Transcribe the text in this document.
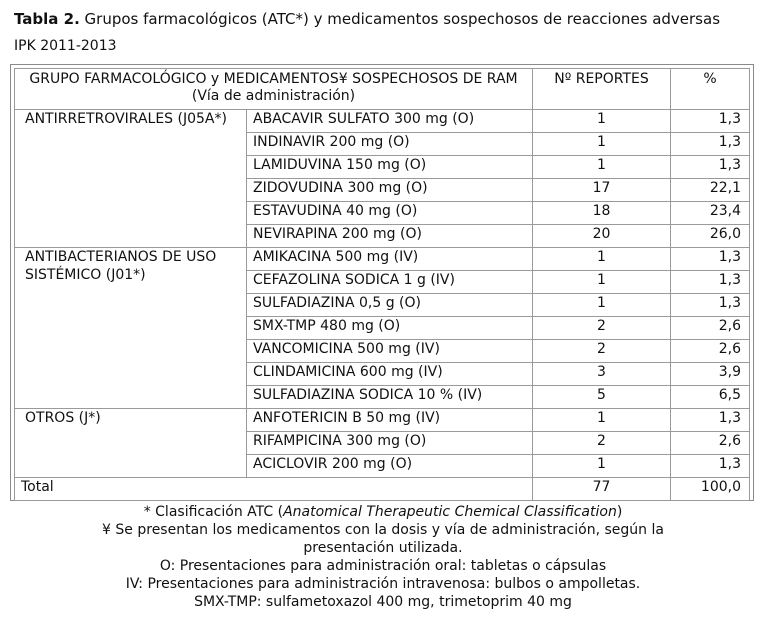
Tabla 2. Grupos farmacológicos (ATC*) y medicamentos sospechosos de reacciones adversas
IPK 2011-2013
GRUPO FARMACOLÓGICO y MEDICAMENTOS¥ SOSPECHOSOS DE RAM (Vía de administración)		Nº REPORTES	%
ANTIRRETROVIRALES (J05A*)	ABACAVIR SULFATO 300 mg (O)	1	1,3
	INDINAVIR 200 mg (O)	1	1,3
	LAMIDUVINA 150 mg (O)	1	1,3
	ZIDOVUDINA 300 mg (O)	17	22,1
	ESTAVUDINA 40 mg (O)	18	23,4
	NEVIRAPINA 200 mg (O)	20	26,0
ANTIBACTERIANOS DE USO SISTÉMICO (J01*)	AMIKACINA 500 mg (IV)	1	1,3
	CEFAZOLINA SODICA 1 g (IV)	1	1,3
	SULFADIAZINA 0,5 g (O)	1	1,3
	SMX-TMP 480 mg (O)	2	2,6
	VANCOMICINA 500 mg (IV)	2	2,6
	CLINDAMICINA 600 mg (IV)	3	3,9
	SULFADIAZINA SODICA 10 % (IV)	5	6,5
OTROS (J*)	ANFOTERICIN B 50 mg (IV)	1	1,3
	RIFAMPICINA 300 mg (O)	2	2,6
	ACICLOVIR 200 mg (O)	1	1,3
Total		77	100,0
* Clasificación ATC (Anatomical Therapeutic Chemical Classification)
¥ Se presentan los medicamentos con la dosis y vía de administración, según la
presentación utilizada.
O: Presentaciones para administración oral: tabletas o cápsulas
IV: Presentaciones para administración intravenosa: bulbos o ampolletas.
SMX-TMP: sulfametoxazol 400 mg, trimetoprim 40 mg
